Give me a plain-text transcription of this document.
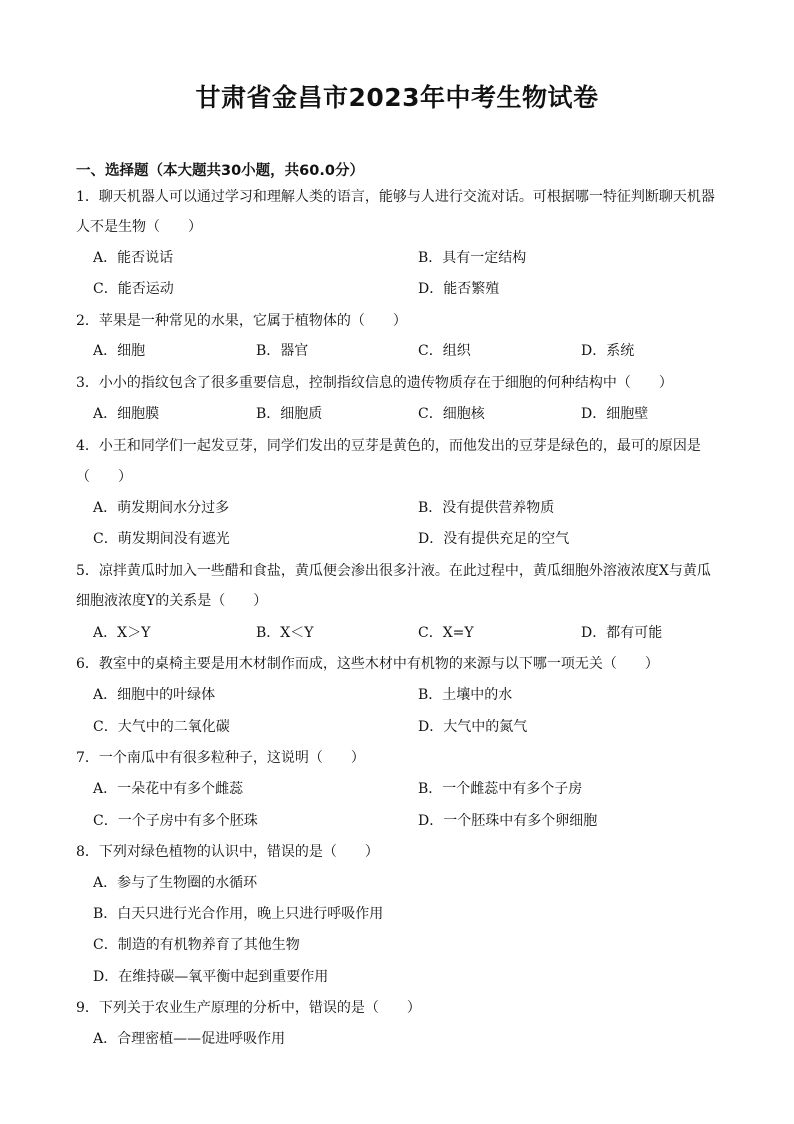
甘肃省金昌市2023年中考生物试卷
一、选择题（本大题共30小题，共60.0分）
1．聊天机器人可以通过学习和理解人类的语言，能够与人进行交流对话。可根据哪一特征判断聊天机器
人不是生物（　　）
A．能否说话	B．具有一定结构
C．能否运动	D．能否繁殖
2．苹果是一种常见的水果，它属于植物体的（　　）
A．细胞	B．器官	C．组织	D．系统
3．小小的指纹包含了很多重要信息，控制指纹信息的遗传物质存在于细胞的何种结构中（　　）
A．细胞膜	B．细胞质	C．细胞核	D．细胞壁
4．小王和同学们一起发豆芽，同学们发出的豆芽是黄色的，而他发出的豆芽是绿色的，最可的原因是
（　　）
A．萌发期间水分过多	B．没有提供营养物质
C．萌发期间没有遮光	D．没有提供充足的空气
5．凉拌黄瓜时加入一些醋和食盐，黄瓜便会渗出很多汁液。在此过程中，黄瓜细胞外溶液浓度X与黄瓜
细胞液浓度Y的关系是（　　）
A．X＞Y	B．X＜Y	C．X=Y	D．都有可能
6．教室中的桌椅主要是用木材制作而成，这些木材中有机物的来源与以下哪一项无关（　　）
A．细胞中的叶绿体	B．土壤中的水
C．大气中的二氧化碳	D．大气中的氮气
7．一个南瓜中有很多粒种子，这说明（　　）
A．一朵花中有多个雌蕊	B．一个雌蕊中有多个子房
C．一个子房中有多个胚珠	D．一个胚珠中有多个卵细胞
8．下列对绿色植物的认识中，错误的是（　　）
A．参与了生物圈的水循环
B．白天只进行光合作用，晚上只进行呼吸作用
C．制造的有机物养育了其他生物
D．在维持碳—氧平衡中起到重要作用
9．下列关于农业生产原理的分析中，错误的是（　　）
A．合理密植——促进呼吸作用
